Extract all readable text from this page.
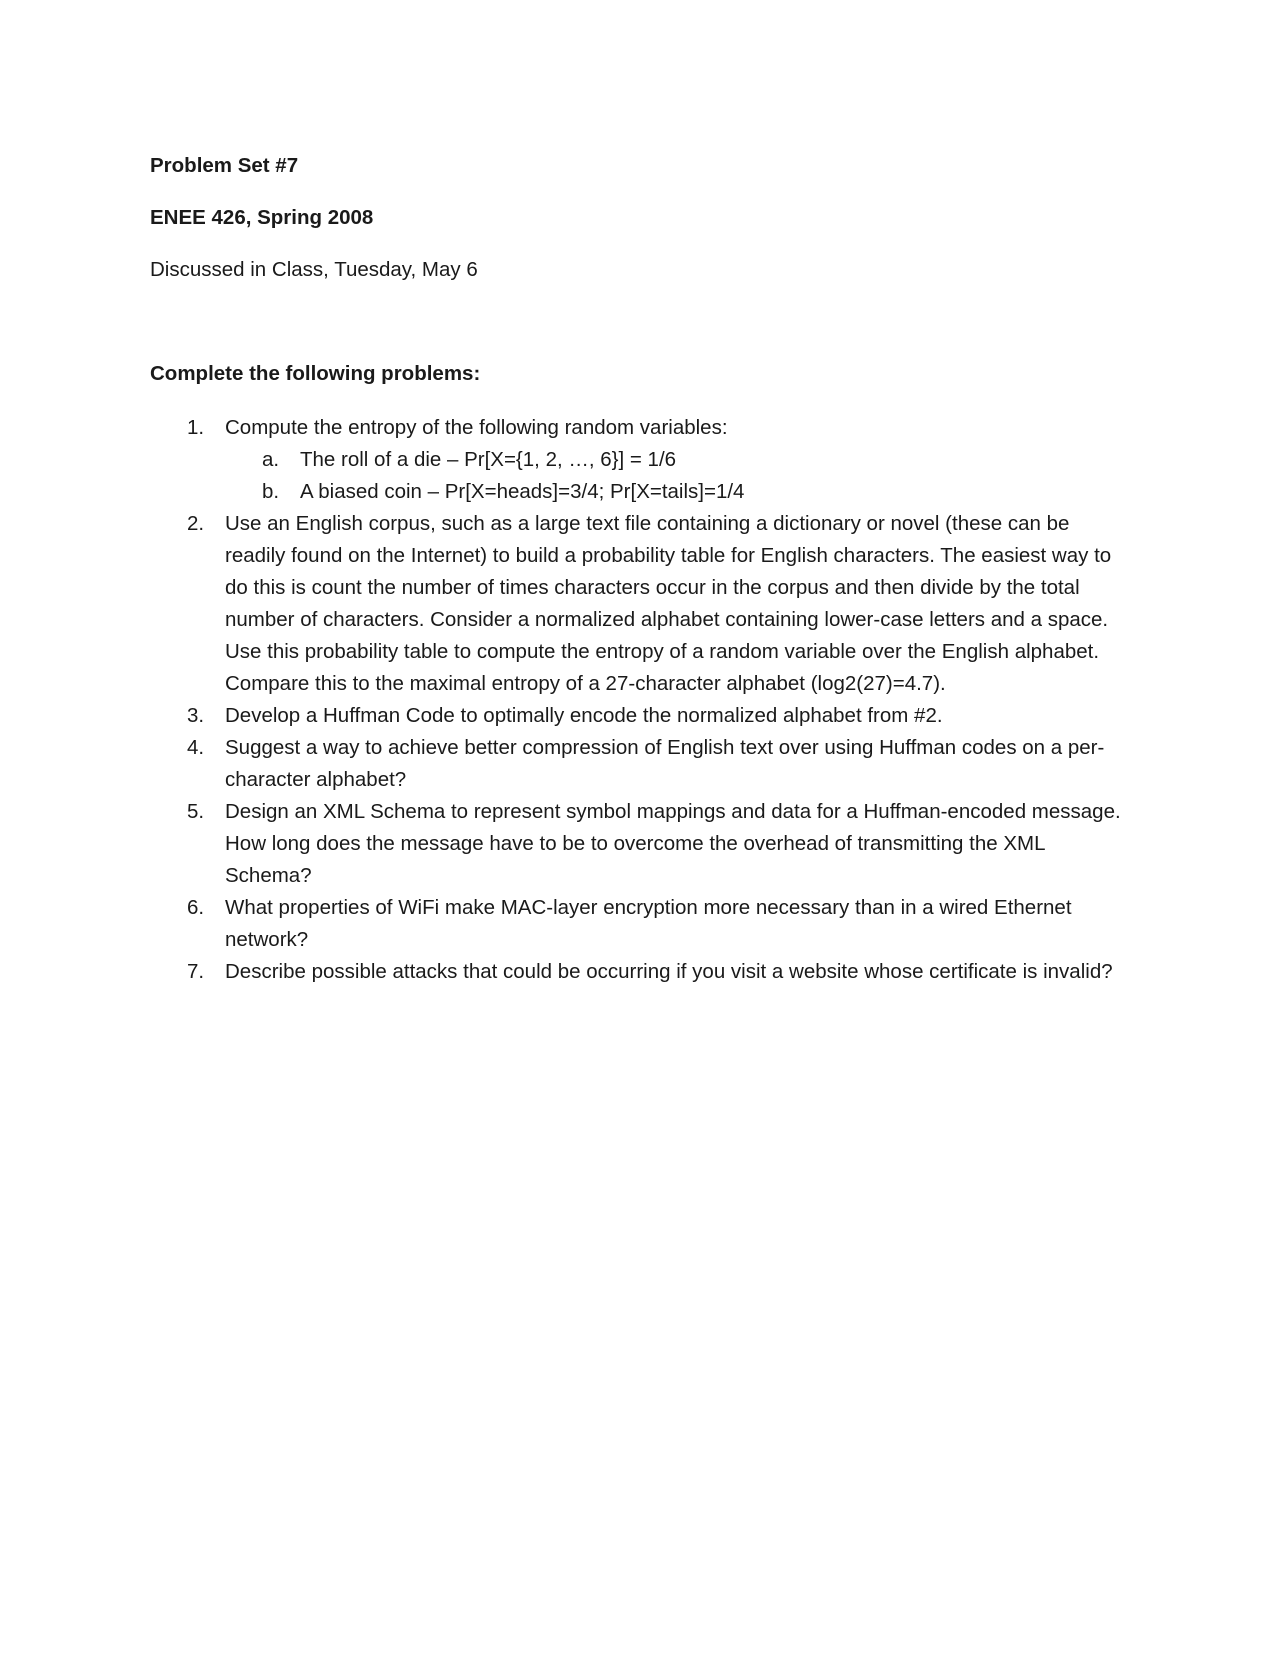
Problem Set #7
ENEE 426, Spring 2008
Discussed in Class, Tuesday, May 6
Complete the following problems:
1. Compute the entropy of the following random variables:
a. The roll of a die – Pr[X={1, 2, …, 6}] = 1/6
b. A biased coin – Pr[X=heads]=3/4; Pr[X=tails]=1/4
2. Use an English corpus, such as a large text file containing a dictionary or novel (these can be readily found on the Internet) to build a probability table for English characters. The easiest way to do this is count the number of times characters occur in the corpus and then divide by the total number of characters. Consider a normalized alphabet containing lower-case letters and a space. Use this probability table to compute the entropy of a random variable over the English alphabet. Compare this to the maximal entropy of a 27-character alphabet (log2(27)=4.7).
3. Develop a Huffman Code to optimally encode the normalized alphabet from #2.
4. Suggest a way to achieve better compression of English text over using Huffman codes on a per-character alphabet?
5. Design an XML Schema to represent symbol mappings and data for a Huffman-encoded message. How long does the message have to be to overcome the overhead of transmitting the XML Schema?
6. What properties of WiFi make MAC-layer encryption more necessary than in a wired Ethernet network?
7. Describe possible attacks that could be occurring if you visit a website whose certificate is invalid?
